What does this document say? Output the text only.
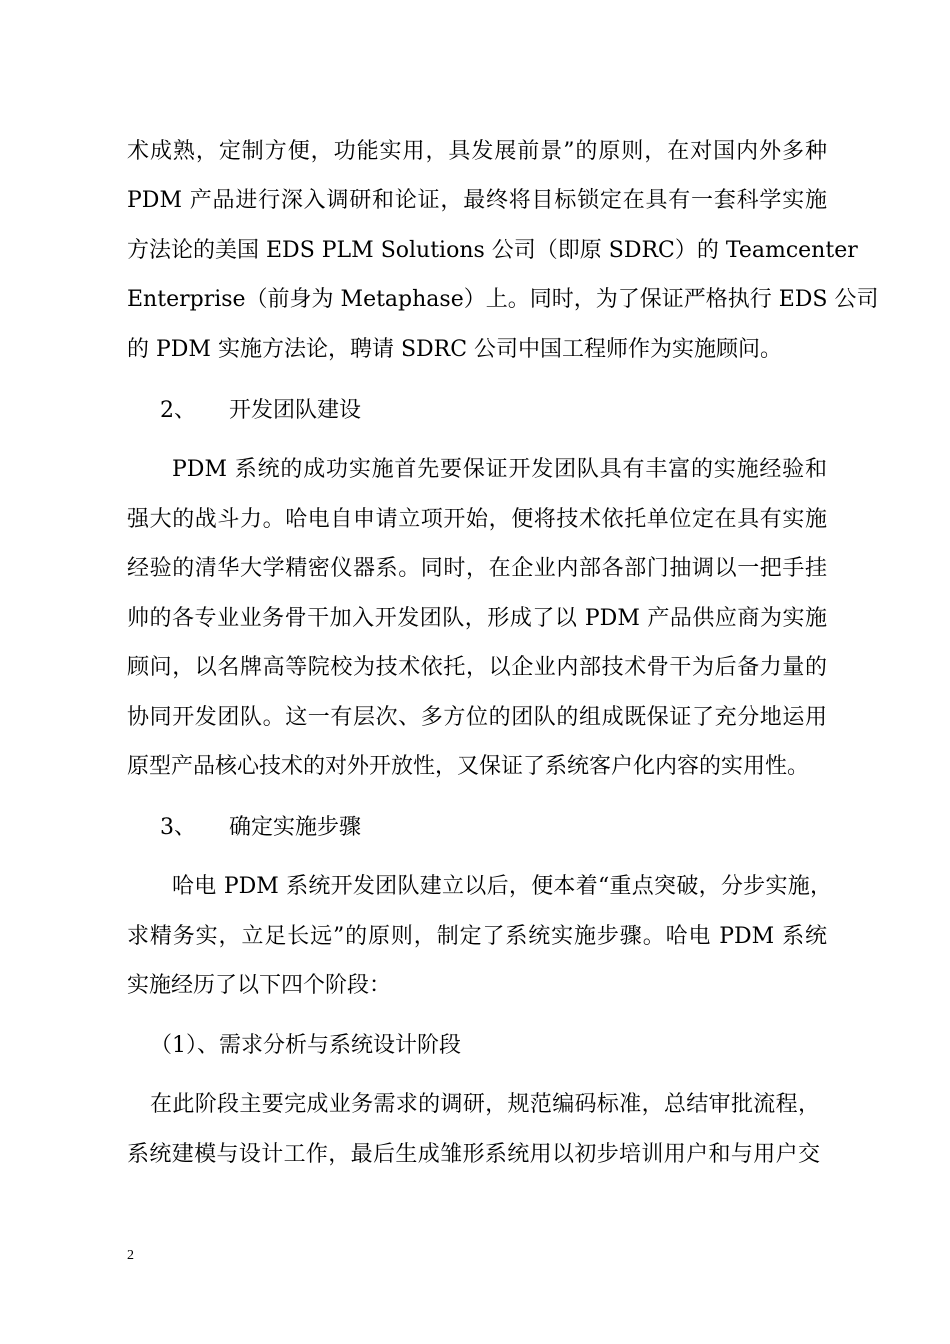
术成熟，定制方便，功能实用，具发展前景”的原则，在对国内外多种
PDM 产品进行深入调研和论证，最终将目标锁定在具有一套科学实施
方法论的美国 EDS PLM Solutions 公司（即原 SDRC）的 Teamcenter
Enterprise（前身为 Metaphase）上。同时，为了保证严格执行 EDS 公司
的 PDM 实施方法论，聘请 SDRC 公司中国工程师作为实施顾问。
2、 开发团队建设
PDM 系统的成功实施首先要保证开发团队具有丰富的实施经验和
强大的战斗力。哈电自申请立项开始，便将技术依托单位定在具有实施
经验的清华大学精密仪器系。同时，在企业内部各部门抽调以一把手挂
帅的各专业业务骨干加入开发团队，形成了以 PDM 产品供应商为实施
顾问，以名牌高等院校为技术依托，以企业内部技术骨干为后备力量的
协同开发团队。这一有层次、多方位的团队的组成既保证了充分地运用
原型产品核心技术的对外开放性，又保证了系统客户化内容的实用性。
3、 确定实施步骤
哈电 PDM 系统开发团队建立以后，便本着“重点突破，分步实施，
求精务实，立足长远”的原则，制定了系统实施步骤。哈电 PDM 系统
实施经历了以下四个阶段：
（1）、需求分析与系统设计阶段
在此阶段主要完成业务需求的调研，规范编码标准，总结审批流程，
系统建模与设计工作，最后生成雏形系统用以初步培训用户和与用户交
2
